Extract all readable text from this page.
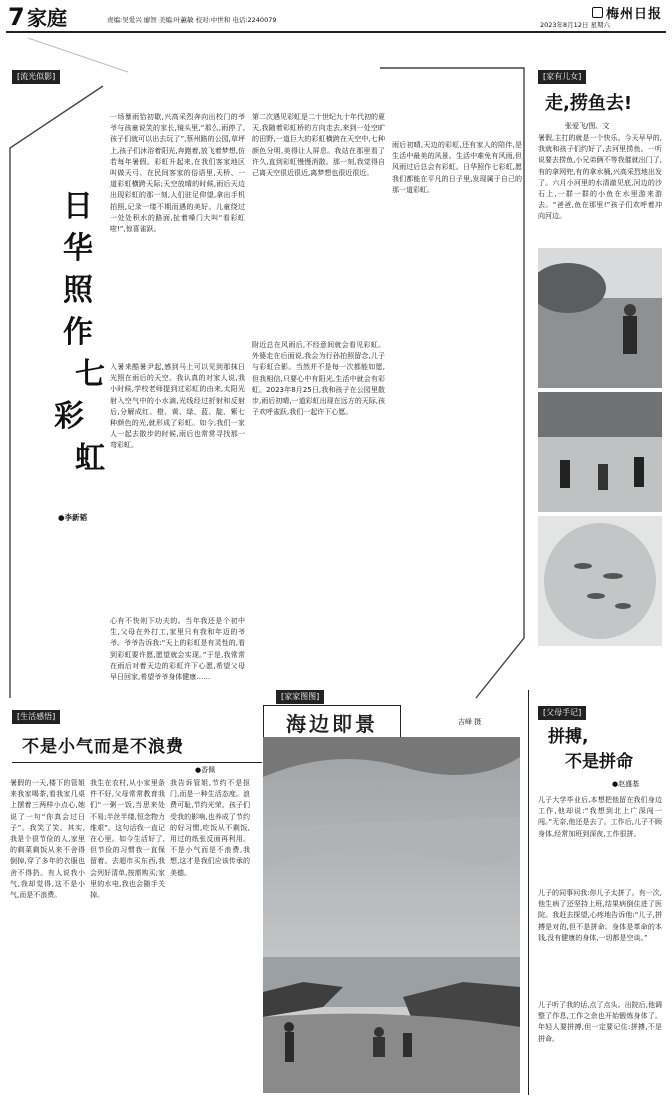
7 家庭	责编:吴爱兴 廖智 美编:叶蕙敏 校对:中世和 电话:2240079
2023年8月12日 星期六
梅州日报
[流光似影]
日
华
照
作
七
彩
虹
●李新韬
一场暴雨恰初歇,兴高采烈奔向出校门的爷爷与孩童说笑的家长,镜头里,“那么,雨停了,孩子们就可以出去玩了”,蔡州路的公园,草坪上,孩子们沐浴着阳光,奔跑着,放飞着梦想,仿若每年暑假。彩虹升起来,在我们客家地区叫做天弓、在民间客家的俗语里,天桥、一道彩虹横跨天际;天空放晴的时候,雨后天边出现彩虹的那一刻,人们驻足仰望,拿出手机拍照,记录一缕不期而遇的美好。儿童绕过一处处积水的路面,扯着嗓门大叫“看彩虹啦!”,惊喜雀跃。
入暑来酷暑尹起,感到马上可以见到那抹日光照在雨后的天空。我认真的对家人说,我小时候,学校老师提到过彩虹的由来,太阳光射入空气中的小水滴,光线经过折射和反射后,分解成红、橙、黄、绿、蓝、靛、紫七种颜色的光,就形成了彩虹。如今,我们一家人一起去散步的时候,雨后也常常寻找那一弯彩虹。
心有不快则下功夫的。当年我还是个初中生,父母在外打工,家里只有我和年迈的爷爷。爷爷告诉我:“天上的彩虹是有灵性的,看到彩虹要许愿,愿望就会实现。”于是,我常常在雨后对着天边的彩虹许下心愿,希望父母早日回家,希望爷爷身体健康……
第二次遇见彩虹是二十世纪九十年代初的夏天,我随着彩虹桥的方向走去,来到一处空旷的田野,一道巨大的彩虹横跨在天空中,七种颜色分明,美得让人屏息。我站在那里看了许久,直到彩虹慢慢消散。那一刻,我觉得自己离天空很近很近,离梦想也很近很近。
附近总在风雨后,不经意间就会看见彩虹。外婆走在后面说,我会为行孙拍照留念,儿子与彩虹合影。当然并不是每一次都能如愿,但我相信,只要心中有阳光,生活中就会有彩虹。2023年8月25日,我和孩子在公园里散步,雨后初晴,一道彩虹出现在远方的天际,孩子欢呼雀跃,我们一起许下心愿。
雨后初晴,天边的彩虹,还有家人的陪伴,是生活中最美的风景。生活中难免有风雨,但风雨过后总会有彩虹。日华照作七彩虹,愿我们都能在平凡的日子里,发现属于自己的那一道彩虹。
[家有儿女]
走,捞鱼去!
张爱飞/图、文
暑假,主打的就是一个快乐。今天早早的,我就和孩子们约好了,去河里捞鱼。一听说要去捞鱼,小兄弟俩不等我催就出门了,有的拿网兜,有的拿水桶,兴高采烈地出发了。六月小河里的水清澈见底,河边的沙石上,一群一群的小鱼在水里游来游去。“爸爸,鱼在那里!”孩子们欢呼着冲向河边。
[生活感悟]
不是小气而是不浪费
●香佩
暑假的一天,楼下的管姐来我家喝茶,看我家几桌上摆着三两样小点心,她说了一句“你真会过日子”。我笑了笑。其实,我是个很节俭的人,家里的剩菜剩饭从来不舍得倒掉,穿了多年的衣服也舍不得扔。有人说我小气,我却觉得,这不是小气,而是不浪费。
我生在农村,从小家里条件不好,父母常常教育我们“一粥一饭,当思来处不易;半丝半缕,恒念物力维艰”。这句话我一直记在心里。如今生活好了,但节俭的习惯我一直保留着。去超市买东西,我会列好清单,按需购买;家里的水电,我也会随手关掉。
我告诉管姐,节约不是抠门,而是一种生活态度。浪费可耻,节约光荣。孩子们受我的影响,也养成了节约的好习惯,吃饭从不剩饭,用过的纸张反面再利用。不是小气而是不浪费,我想,这才是我们应该传承的美德。
[家家图图]
海边即景	吉峰 摄
[父母手记]
拼搏,
不是拼命
●赵盛基
儿子大学毕业后,本想把他留在我们身边工作,他却说:“我想到北上广深闯一闯。”无奈,他还是去了。工作后,儿子不顾身体,经常加班到深夜,工作很拼。
儿子的同事问我:你儿子太拼了。有一次,他生病了还坚持上班,结果病倒住进了医院。我赶去探望,心疼地告诉他:“儿子,拼搏是对的,但不是拼命。身体是革命的本钱,没有健康的身体,一切都是空谈。”
儿子听了我的话,点了点头。出院后,他调整了作息,工作之余也开始锻炼身体了。年轻人要拼搏,但一定要记住:拼搏,不是拼命。
